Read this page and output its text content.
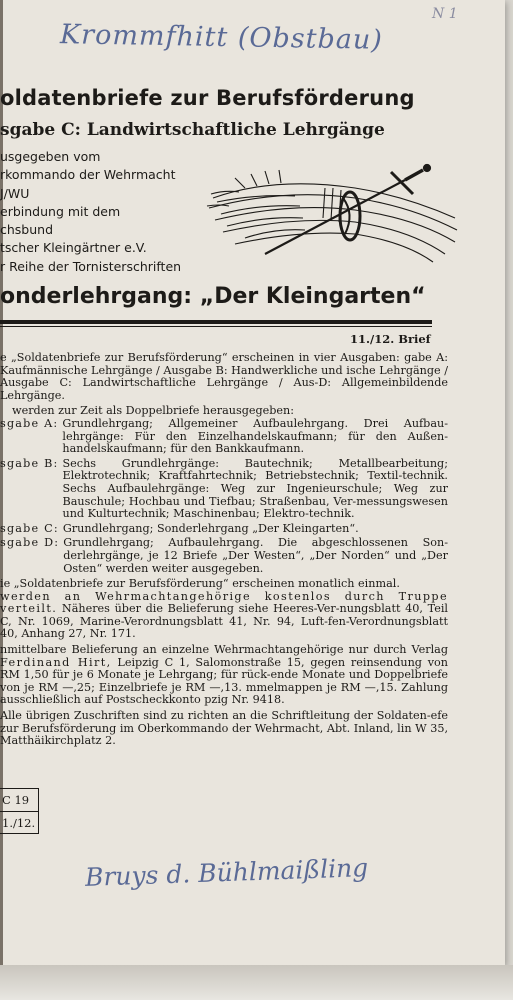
Krommfhitt (Obstbau)
N 1
oldatenbriefe zur Berufsförderung
sgabe C: Landwirtschaftliche Lehrgänge
usgegeben vom
rkommando der Wehrmacht
J/WU
erbindung mit dem
chsbund
tscher Kleingärtner e.V.
r Reihe der Tornisterschriften
onderlehrgang: „Der Kleingarten“
11./12. Brief

e „Soldatenbriefe zur Berufsförderung“ erscheinen in vier Ausgaben: gabe A: Kaufmännische Lehrgänge / Ausgabe B: Handwerkliche und ische Lehrgänge / Ausgabe C: Landwirtschaftliche Lehrgänge / Aus-D: Allgemeinbildende Lehrgänge.

werden zur Zeit als Doppelbriefe herausgegeben:

sgabe A: Grundlehrgang; Allgemeiner Aufbaulehrgang. Drei Aufbau-lehrgänge: Für den Einzelhandelskaufmann; für den Außen-handelskaufmann; für den Bankkaufmann.
sgabe B: Sechs Grundlehrgänge: Bautechnik; Metallbearbeitung; Elektrotechnik; Kraftfahrtechnik; Betriebstechnik; Textil-technik. Sechs Aufbaulehrgänge: Weg zur Ingenieurschule; Weg zur Bauschule; Hochbau und Tiefbau; Straßenbau, Ver-messungswesen und Kulturtechnik; Maschinenbau; Elektro-technik.
sgabe C: Grundlehrgang; Sonderlehrgang „Der Kleingarten“.
sgabe D: Grundlehrgang; Aufbaulehrgang. Die abgeschlossenen Son-derlehrgänge, je 12 Briefe „Der Westen“, „Der Norden“ und „Der Osten“ werden weiter ausgegeben.

ie „Soldatenbriefe zur Berufsförderung“ erscheinen monatlich einmal.

werden an Wehrmachtangehörige kostenlos durch Truppe verteilt. Näheres über die Belieferung siehe Heeres-Ver-nungsblatt 40, Teil C, Nr. 1069, Marine-Verordnungsblatt 41, Nr. 94, Luft-fen-Verordnungsblatt 40, Anhang 27, Nr. 171.

nmittelbare Belieferung an einzelne Wehrmachtangehörige nur durch Verlag Ferdinand Hirt, Leipzig C 1, Salomonstraße 15, gegen reinsendung von RM 1,50 für je 6 Monate je Lehrgang; für rück-ende Monate und Doppelbriefe von je RM —,25; Einzelbriefe je RM —,13. mmelmappen je RM —,15. Zahlung ausschließlich auf Postscheckkonto pzig Nr. 9418.

Alle übrigen Zuschriften sind zu richten an die Schriftleitung der Soldaten-efe zur Berufsförderung im Oberkommando der Wehrmacht, Abt. Inland, lin W 35, Matthäikirchplatz 2.

C 19
1./12.
Bruys d. Bühlmaißling
